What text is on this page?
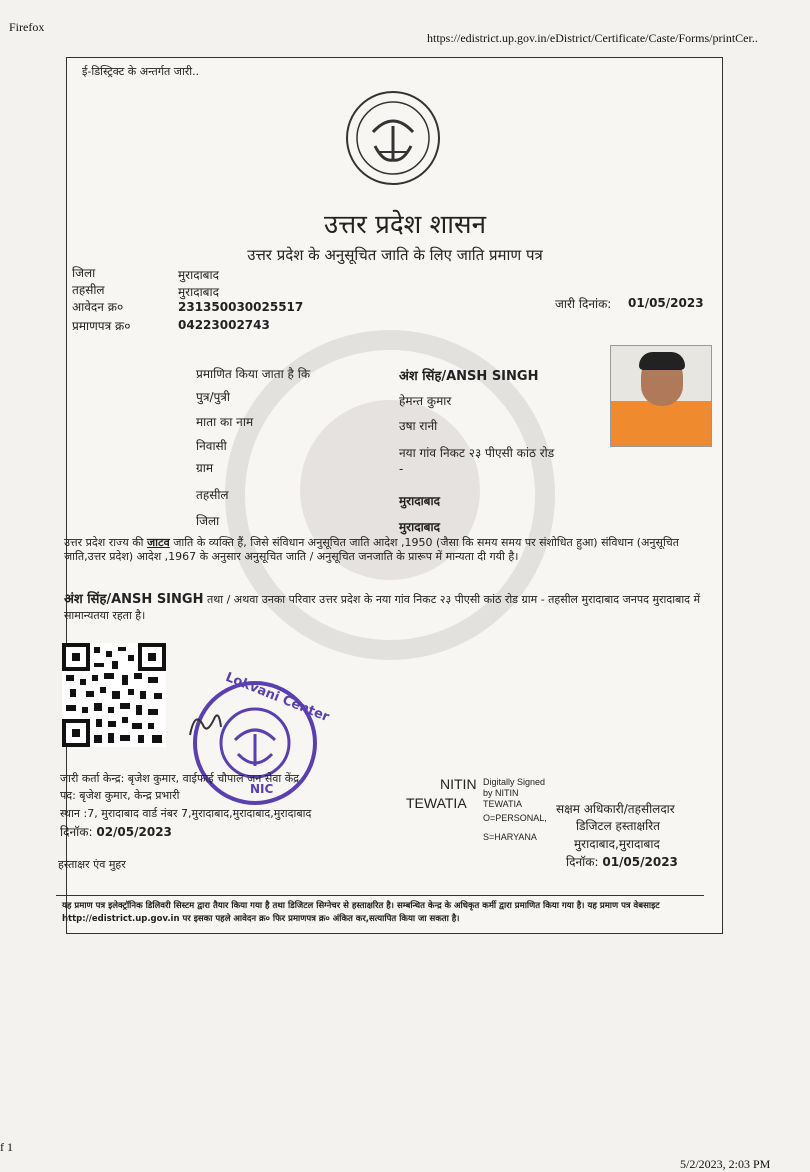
Firefox
https://edistrict.up.gov.in/eDistrict/Certificate/Caste/Forms/printCer..
ई-डिस्ट्रिक्ट के अन्तर्गत जारी..
उत्तर प्रदेश शासन
उत्तर प्रदेश के अनुसूचित जाति के लिए जाति प्रमाण पत्र
जिला	मुरादाबाद
तहसील	मुरादाबाद
आवेदन क्र०	231350030025517
प्रमाणपत्र क्र०	04223002743
जारी दिनांक: 01/05/2023
प्रमाणित किया जाता है कि	अंश सिंह/ANSH SINGH
पुत्र/पुत्री	हेमन्त कुमार
माता का नाम	उषा रानी
निवासी	नया गांव निकट २३ पीएसी कांठ रोड
ग्राम	-
तहसील	मुरादाबाद
जिला	मुरादाबाद
उत्तर प्रदेश राज्य की जाटव जाति के व्यक्ति हैं, जिसे संविधान अनुसूचित जाति आदेश ,1950 (जैसा कि समय समय पर संशोधित हुआ) संविधान (अनुसूचित जाति,उत्तर प्रदेश) आदेश ,1967 के अनुसार अनुसूचित जाति / अनुसूचित जनजाति के प्रारूप में मान्यता दी गयी है।
अंश सिंह/ANSH SINGH तथा / अथवा उनका परिवार उत्तर प्रदेश के नया गांव निकट २३ पीएसी कांठ रोड ग्राम - तहसील मुरादाबाद जनपद मुरादाबाद में सामान्यतया रहता है।
Lokvani Center
NIC
जारी कर्ता केन्द्र: बृजेश कुमार, वाईफाई चौपाल जन सेवा केंद्र
पद: बृजेश कुमार, केन्द्र प्रभारी
स्थान :7, मुरादाबाद वार्ड नंबर 7,मुरादाबाद,मुरादाबाद,मुरादाबाद
दिनॉक: 02/05/2023
हस्ताक्षर एंव मुहर
NITIN
TEWATIA
Digitally Signed
by NITIN
TEWATIA
O=PERSONAL,
S=HARYANA
सक्षम अधिकारी/तहसीलदार
डिजिटल हस्ताक्षरित
मुरादाबाद,मुरादाबाद
दिनॉक: 01/05/2023
यह प्रमाण पत्र इलेक्ट्रॉनिक डिलिवरी सिस्टम द्वारा तैयार किया गया है तथा डिजिटल सिग्नेचर से हस्ताक्षरित है। सम्बन्धित केन्द्र के अधिकृत कर्मी द्वारा प्रमाणित किया गया है। यह प्रमाण पत्र वेबसाइट http://edistrict.up.gov.in पर इसका पहले आवेदन क्र० फिर प्रमाणपत्र क्र० अंकित कर,सत्यापित किया जा सकता है।
f 1
5/2/2023, 2:03 PM
